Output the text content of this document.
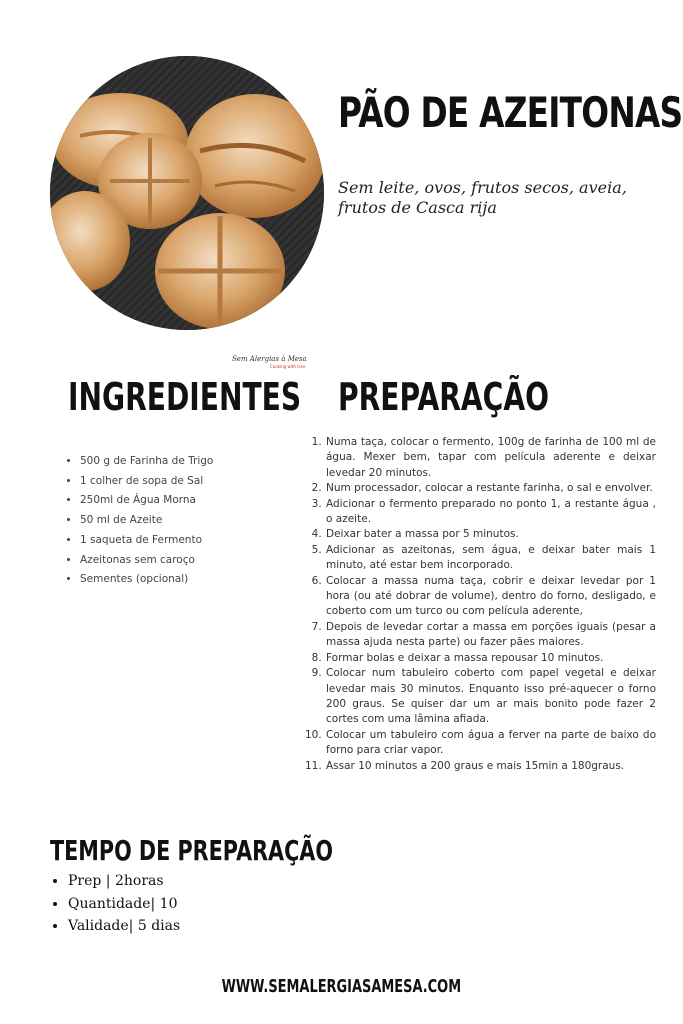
PÃO DE AZEITONAS

Sem leite, ovos, frutos secos, aveia, frutos de Casca rija

Sem Alergias à Mesa
Cooking with love
INGREDIENTES PREPARAÇÃO
• 500 g de Farinha de Trigo
• 1 colher de sopa de Sal
• 250ml de Água Morna
• 50 ml de Azeite
• 1 saqueta de Fermento
• Azeitonas sem caroço
• Sementes (opcional)
1. Numa taça, colocar o fermento, 100g de farinha de 100 ml de água. Mexer bem, tapar com película aderente e deixar levedar 20 minutos.
2. Num processador, colocar a restante farinha, o sal e envolver.
3. Adicionar o fermento preparado no ponto 1, a restante água , o azeite.
4. Deixar bater a massa por 5 minutos.
5. Adicionar as azeitonas, sem água, e deixar bater mais 1 minuto, até estar bem incorporado.
6. Colocar a massa numa taça, cobrir e deixar levedar por 1 hora (ou até dobrar de volume), dentro do forno, desligado, e coberto com um turco ou com película aderente,
7. Depois de levedar cortar a massa em porções iguais (pesar a massa ajuda nesta parte) ou fazer pães maiores.
8. Formar bolas e deixar a massa repousar 10 minutos.
9. Colocar num tabuleiro coberto com papel vegetal e deixar levedar mais 30 minutos. Enquanto isso pré-aquecer o forno 200 graus. Se quiser dar um ar mais bonito pode fazer 2 cortes com uma lâmina afiada.
10. Colocar um tabuleiro com água a ferver na parte de baixo do forno para criar vapor.
11. Assar 10 minutos a 200 graus e mais 15min a 180graus.
TEMPO DE PREPARAÇÃO
• Prep | 2horas
• Quantidade| 10
• Validade| 5 dias

WWW.SEMALERGIASAMESA.COM
